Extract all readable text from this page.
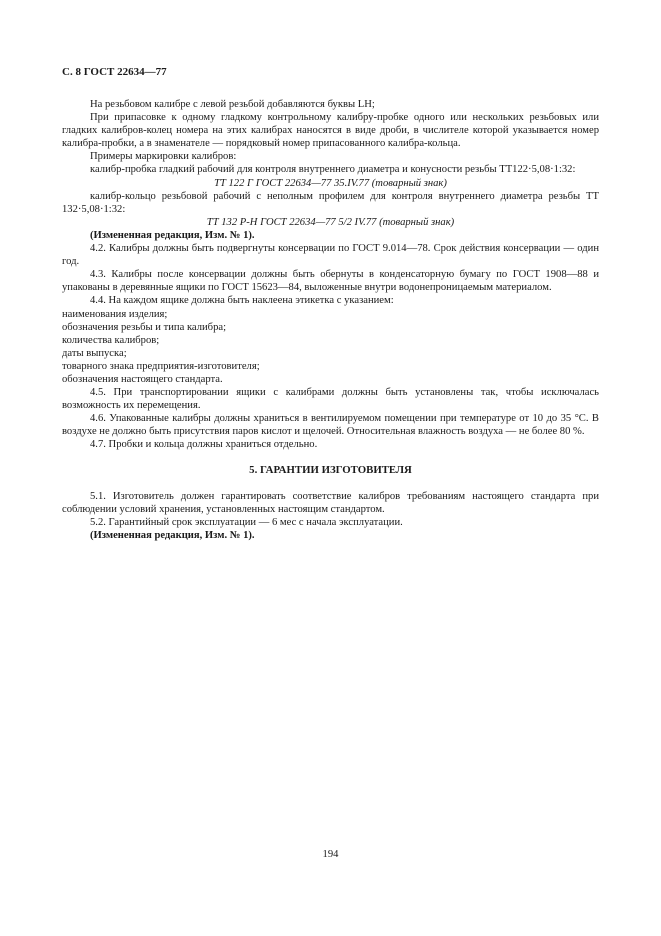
С. 8 ГОСТ 22634—77

На резьбовом калибре с левой резьбой добавляются буквы LH;

При припасовке к одному гладкому контрольному калибру-пробке одного или нескольких резьбовых или гладких калибров-колец номера на этих калибрах наносятся в виде дроби, в числителе которой указывается номер калибра-пробки, а в знаменателе — порядковый номер припасованного калибра-кольца.

Примеры маркировки калибров:

калибр-пробка гладкий рабочий для контроля внутреннего диаметра и конусности резьбы ТТ122·5,08·1:32:

ТТ 122 Г ГОСТ 22634—77 35.IV.77 (товарный знак)

калибр-кольцо резьбовой рабочий с неполным профилем для контроля внутреннего диаметра резьбы ТТ 132·5,08·1:32:

ТТ 132 Р-Н ГОСТ 22634—77 5/2 IV.77 (товарный знак)

(Измененная редакция, Изм. № 1).

4.2. Калибры должны быть подвергнуты консервации по ГОСТ 9.014—78. Срок действия консервации — один год.

4.3. Калибры после консервации должны быть обернуты в конденсаторную бумагу по ГОСТ 1908—88 и упакованы в деревянные ящики по ГОСТ 15623—84, выложенные внутри водонепроницаемым материалом.

4.4. На каждом ящике должна быть наклеена этикетка с указанием:

наименования изделия;

обозначения резьбы и типа калибра;

количества калибров;

даты выпуска;

товарного знака предприятия-изготовителя;

обозначения настоящего стандарта.

4.5. При транспортировании ящики с калибрами должны быть установлены так, чтобы исключалась возможность их перемещения.

4.6. Упакованные калибры должны храниться в вентилируемом помещении при температуре от 10 до 35 °С. В воздухе не должно быть присутствия паров кислот и щелочей. Относительная влажность воздуха — не более 80 %.

4.7. Пробки и кольца должны храниться отдельно.

5. ГАРАНТИИ ИЗГОТОВИТЕЛЯ

5.1. Изготовитель должен гарантировать соответствие калибров требованиям настоящего стандарта при соблюдении условий хранения, установленных настоящим стандартом.

5.2. Гарантийный срок эксплуатации — 6 мес с начала эксплуатации.

(Измененная редакция, Изм. № 1).

194
